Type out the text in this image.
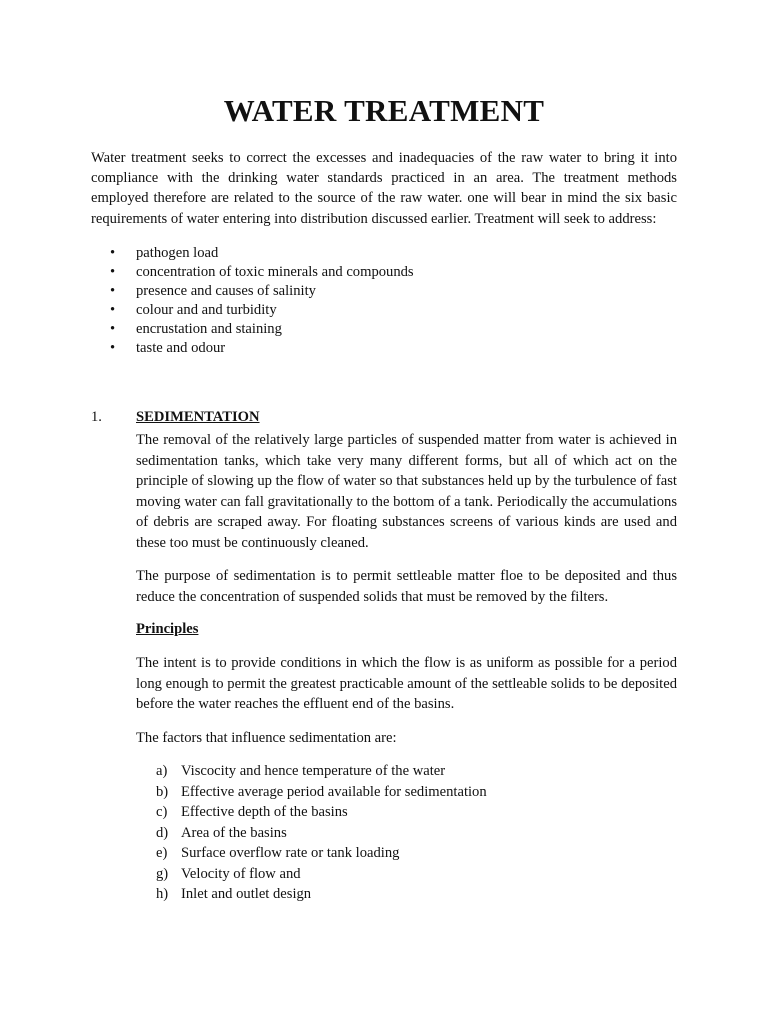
WATER TREATMENT

Water treatment seeks to correct the excesses and inadequacies of the raw water to bring it into compliance with the drinking water standards practiced in an area. The treatment methods employed therefore are related to the source of the raw water. one will bear in mind the six basic requirements of water entering into distribution discussed earlier. Treatment will seek to address:

• pathogen load
• concentration of toxic minerals and compounds
• presence and causes of salinity
• colour and and turbidity
• encrustation and staining
• taste and odour
1. SEDIMENTATION

The removal of the relatively large particles of suspended matter from water is achieved in sedimentation tanks, which take very many different forms, but all of which act on the principle of slowing up the flow of water so that substances held up by the turbulence of fast moving water can fall gravitationally to the bottom of a tank. Periodically the accumulations of debris are scraped away. For floating substances screens of various kinds are used and these too must be continuously cleaned.

The purpose of sedimentation is to permit settleable matter floe to be deposited and thus reduce the concentration of suspended solids that must be removed by the filters.

Principles

The intent is to provide conditions in which the flow is as uniform as possible for a period long enough to permit the greatest practicable amount of the settleable solids to be deposited before the water reaches the effluent end of the basins.

The factors that influence sedimentation are:

a) Viscocity and hence temperature of the water
b) Effective average period available for sedimentation
c) Effective depth of the basins
d) Area of the basins
e) Surface overflow rate or tank loading
g) Velocity of flow and
h) Inlet and outlet design
